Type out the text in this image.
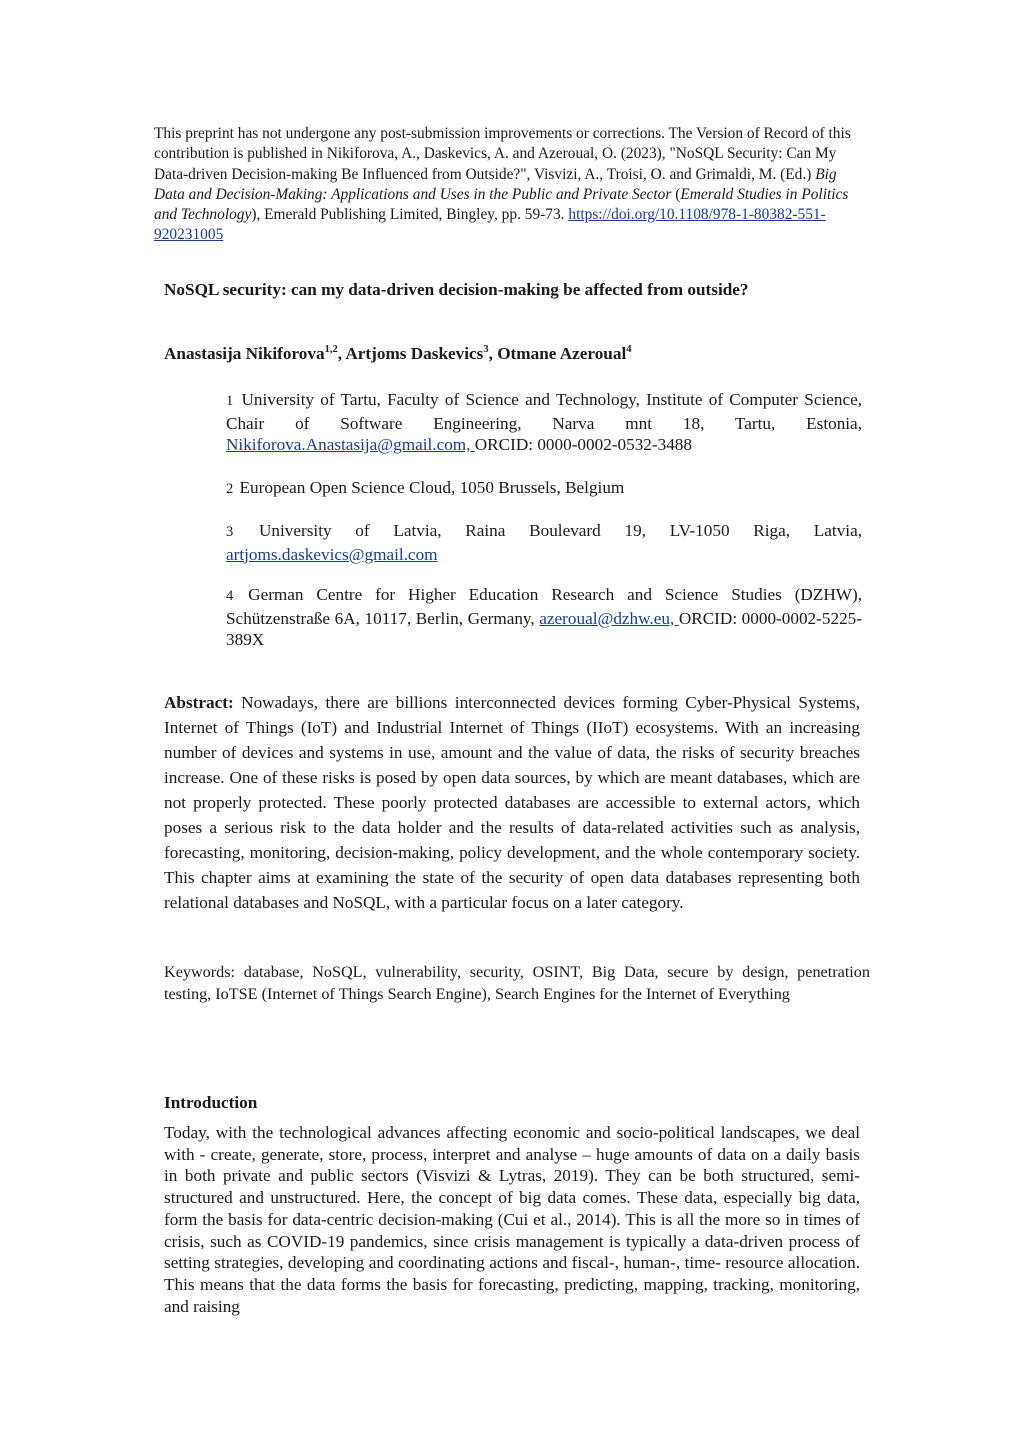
This preprint has not undergone any post-submission improvements or corrections. The Version of Record of this contribution is published in Nikiforova, A., Daskevics, A. and Azeroual, O. (2023), "NoSQL Security: Can My Data-driven Decision-making Be Influenced from Outside?", Visvizi, A., Troisi, O. and Grimaldi, M. (Ed.) Big Data and Decision-Making: Applications and Uses in the Public and Private Sector (Emerald Studies in Politics and Technology), Emerald Publishing Limited, Bingley, pp. 59-73. https://doi.org/10.1108/978-1-80382-551-920231005
NoSQL security: can my data-driven decision-making be affected from outside?
Anastasija Nikiforova$^{1,2}$, Artjoms Daskevics$^3$, Otmane Azeroual$^4$
1 University of Tartu, Faculty of Science and Technology, Institute of Computer Science, Chair of Software Engineering, Narva mnt 18, Tartu, Estonia, Nikiforova.Anastasija@gmail.com, ORCID: 0000-0002-0532-3488
2 European Open Science Cloud, 1050 Brussels, Belgium
3 University of Latvia, Raina Boulevard 19, LV-1050 Riga, Latvia, artjoms.daskevics@gmail.com
4 German Centre for Higher Education Research and Science Studies (DZHW), Schützenstraße 6A, 10117, Berlin, Germany, azeroual@dzhw.eu, ORCID: 0000-0002-5225-389X
Abstract: Nowadays, there are billions interconnected devices forming Cyber-Physical Systems, Internet of Things (IoT) and Industrial Internet of Things (IIoT) ecosystems. With an increasing number of devices and systems in use, amount and the value of data, the risks of security breaches increase. One of these risks is posed by open data sources, by which are meant databases, which are not properly protected. These poorly protected databases are accessible to external actors, which poses a serious risk to the data holder and the results of data-related activities such as analysis, forecasting, monitoring, decision-making, policy development, and the whole contemporary society. This chapter aims at examining the state of the security of open data databases representing both relational databases and NoSQL, with a particular focus on a later category.
Keywords: database, NoSQL, vulnerability, security, OSINT, Big Data, secure by design, penetration testing, IoTSE (Internet of Things Search Engine), Search Engines for the Internet of Everything
Introduction
Today, with the technological advances affecting economic and socio-political landscapes, we deal with - create, generate, store, process, interpret and analyse – huge amounts of data on a daily basis in both private and public sectors (Visvizi & Lytras, 2019). They can be both structured, semi- structured and unstructured. Here, the concept of big data comes. These data, especially big data, form the basis for data-centric decision-making (Cui et al., 2014). This is all the more so in times of crisis, such as COVID-19 pandemics, since crisis management is typically a data-driven process of setting strategies, developing and coordinating actions and fiscal-, human-, time- resource allocation. This means that the data forms the basis for forecasting, predicting, mapping, tracking, monitoring, and raising
